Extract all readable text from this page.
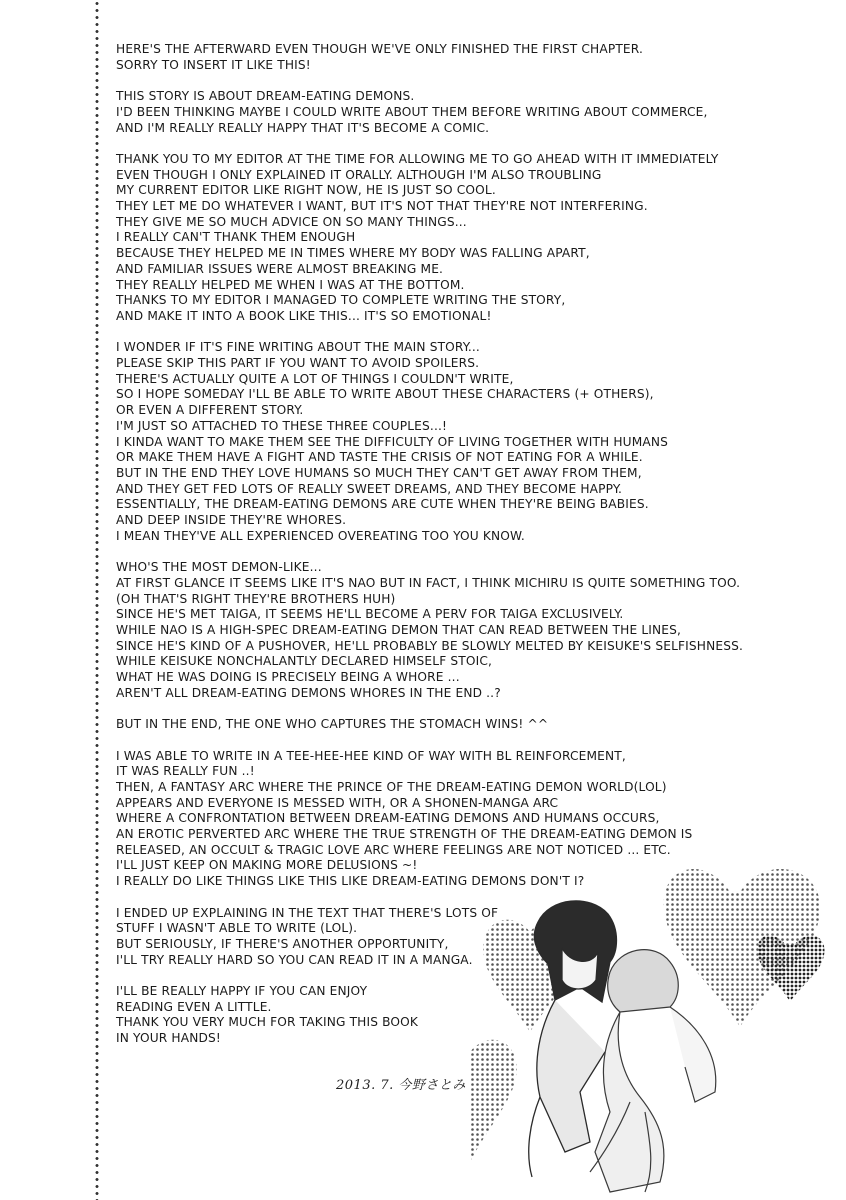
HERE'S THE AFTERWARD EVEN THOUGH WE'VE ONLY FINISHED THE FIRST CHAPTER.
SORRY TO INSERT IT LIKE THIS!
THIS STORY IS ABOUT DREAM-EATING DEMONS.
I'D BEEN THINKING MAYBE I COULD WRITE ABOUT THEM BEFORE WRITING ABOUT COMMERCE,
AND I'M REALLY REALLY HAPPY THAT IT'S BECOME A COMIC.
THANK YOU TO MY EDITOR AT THE TIME FOR ALLOWING ME TO GO AHEAD WITH IT IMMEDIATELY
EVEN THOUGH I ONLY EXPLAINED IT ORALLY. ALTHOUGH I'M ALSO TROUBLING
MY CURRENT EDITOR LIKE RIGHT NOW, HE IS JUST SO COOL.
THEY LET ME DO WHATEVER I WANT, BUT IT'S NOT THAT THEY'RE NOT INTERFERING.
THEY GIVE ME SO MUCH ADVICE ON SO MANY THINGS...
I REALLY CAN'T THANK THEM ENOUGH
BECAUSE THEY HELPED ME IN TIMES WHERE MY BODY WAS FALLING APART,
AND FAMILIAR ISSUES WERE ALMOST BREAKING ME.
THEY REALLY HELPED ME WHEN I WAS AT THE BOTTOM.
THANKS TO MY EDITOR I MANAGED TO COMPLETE WRITING THE STORY,
AND MAKE IT INTO A BOOK LIKE THIS... IT'S SO EMOTIONAL!
I WONDER IF IT'S FINE WRITING ABOUT THE MAIN STORY...
PLEASE SKIP THIS PART IF YOU WANT TO AVOID SPOILERS.
THERE'S ACTUALLY QUITE A LOT OF THINGS I COULDN'T WRITE,
SO I HOPE SOMEDAY I'LL BE ABLE TO WRITE ABOUT THESE CHARACTERS (+ OTHERS),
OR EVEN A DIFFERENT STORY.
I'M JUST SO ATTACHED TO THESE THREE COUPLES...!
I KINDA WANT TO MAKE THEM SEE THE DIFFICULTY OF LIVING TOGETHER WITH HUMANS
OR MAKE THEM HAVE A FIGHT AND TASTE THE CRISIS OF NOT EATING FOR A WHILE.
BUT IN THE END THEY LOVE HUMANS SO MUCH THEY CAN'T GET AWAY FROM THEM,
AND THEY GET FED LOTS OF REALLY SWEET DREAMS, AND THEY BECOME HAPPY.
ESSENTIALLY, THE DREAM-EATING DEMONS ARE CUTE WHEN THEY'RE BEING BABIES.
AND DEEP INSIDE THEY'RE WHORES.
I MEAN THEY'VE ALL EXPERIENCED OVEREATING TOO YOU KNOW.
WHO'S THE MOST DEMON-LIKE...
AT FIRST GLANCE IT SEEMS LIKE IT'S NAO BUT IN FACT, I THINK MICHIRU IS QUITE SOMETHING TOO.
(OH THAT'S RIGHT THEY'RE BROTHERS HUH)
SINCE HE'S MET TAIGA, IT SEEMS HE'LL BECOME A PERV FOR TAIGA EXCLUSIVELY.
WHILE NAO IS A HIGH-SPEC DREAM-EATING DEMON THAT CAN READ BETWEEN THE LINES,
SINCE HE'S KIND OF A PUSHOVER, HE'LL PROBABLY BE SLOWLY MELTED BY KEISUKE'S SELFISHNESS.
WHILE KEISUKE NONCHALANTLY DECLARED HIMSELF STOIC,
WHAT HE WAS DOING IS PRECISELY BEING A WHORE ...
AREN'T ALL DREAM-EATING DEMONS WHORES IN THE END ..?
BUT IN THE END, THE ONE WHO CAPTURES THE STOMACH WINS! ^^
I WAS ABLE TO WRITE IN A TEE-HEE-HEE KIND OF WAY WITH BL REINFORCEMENT,
IT WAS REALLY FUN ..!
THEN, A FANTASY ARC WHERE THE PRINCE OF THE DREAM-EATING DEMON WORLD(LOL)
APPEARS AND EVERYONE IS MESSED WITH, OR A SHONEN-MANGA ARC
WHERE A CONFRONTATION BETWEEN DREAM-EATING DEMONS AND HUMANS OCCURS,
AN EROTIC PERVERTED ARC WHERE THE TRUE STRENGTH OF THE DREAM-EATING DEMON IS
RELEASED, AN OCCULT & TRAGIC LOVE ARC WHERE FEELINGS ARE NOT NOTICED ... ETC.
I'LL JUST KEEP ON MAKING MORE DELUSIONS ~!
I REALLY DO LIKE THINGS LIKE THIS LIKE DREAM-EATING DEMONS DON'T I?
I ENDED UP EXPLAINING IN THE TEXT THAT THERE'S LOTS OF
STUFF I WASN'T ABLE TO WRITE (LOL).
BUT SERIOUSLY, IF THERE'S ANOTHER OPPORTUNITY,
I'LL TRY REALLY HARD SO YOU CAN READ IT IN A MANGA.
I'LL BE REALLY HAPPY IF YOU CAN ENJOY
READING EVEN A LITTLE.
THANK YOU VERY MUCH FOR TAKING THIS BOOK
IN YOUR HANDS!
2013. 7. 今野さとみ
